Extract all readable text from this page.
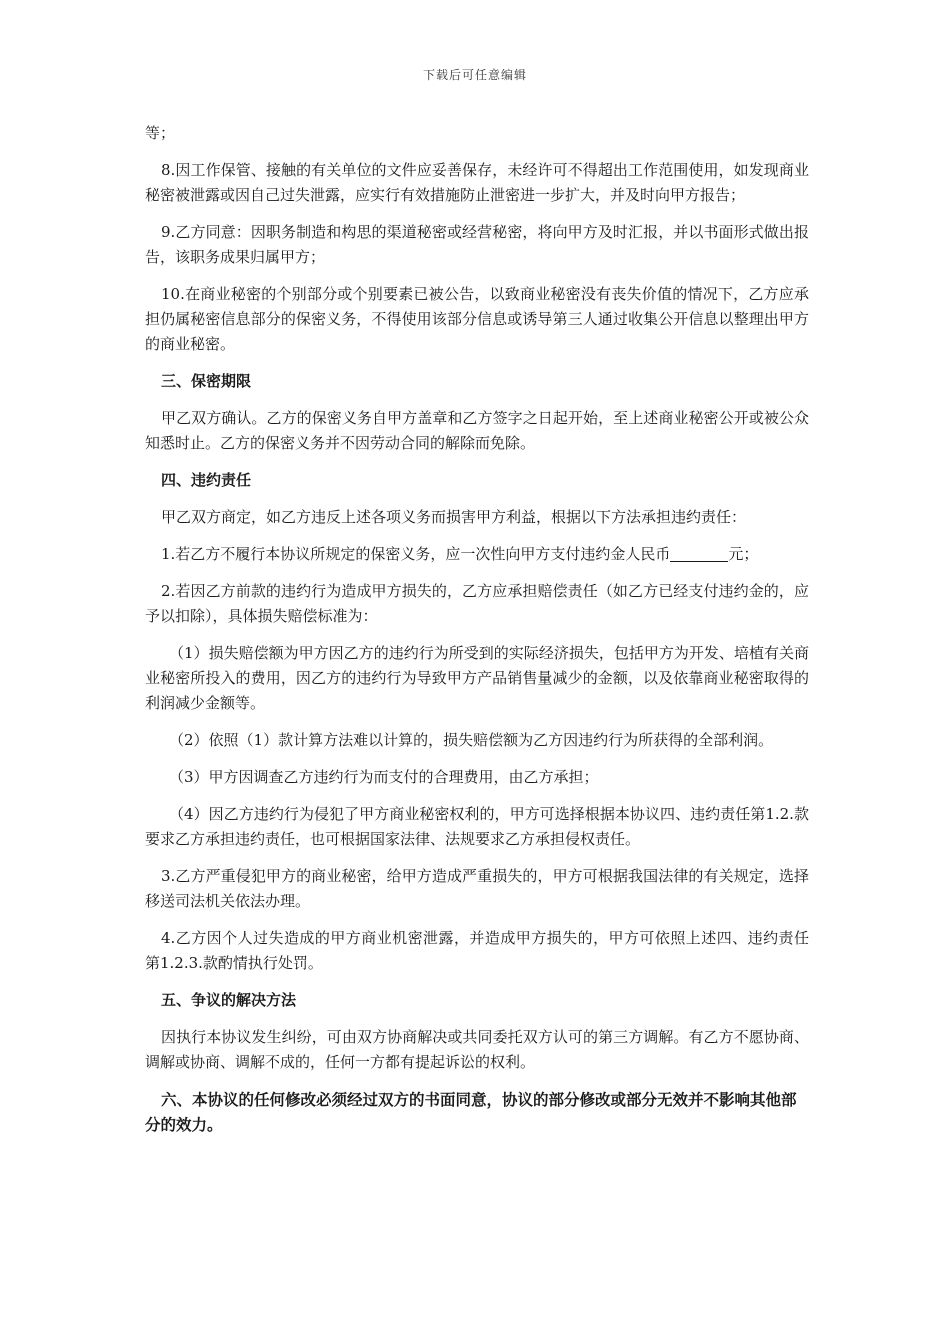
下载后可任意编辑

等；

8.因工作保管、接触的有关单位的文件应妥善保存，未经许可不得超出工作范围使用，如发现商业秘密被泄露或因自己过失泄露，应实行有效措施防止泄密进一步扩大，并及时向甲方报告；

9.乙方同意：因职务制造和构思的渠道秘密或经营秘密，将向甲方及时汇报，并以书面形式做出报告，该职务成果归属甲方；

10.在商业秘密的个别部分或个别要素已被公告，以致商业秘密没有丧失价值的情况下，乙方应承担仍属秘密信息部分的保密义务，不得使用该部分信息或诱导第三人通过收集公开信息以整理出甲方的商业秘密。

三、保密期限

甲乙双方确认。乙方的保密义务自甲方盖章和乙方签字之日起开始，至上述商业秘密公开或被公众知悉时止。乙方的保密义务并不因劳动合同的解除而免除。

四、违约责任

甲乙双方商定，如乙方违反上述各项义务而损害甲方利益，根据以下方法承担违约责任：

1.若乙方不履行本协议所规定的保密义务，应一次性向甲方支付违约金人民币	元；

2.若因乙方前款的违约行为造成甲方损失的，乙方应承担赔偿责任（如乙方已经支付违约金的，应予以扣除），具体损失赔偿标准为：

（1）损失赔偿额为甲方因乙方的违约行为所受到的实际经济损失，包括甲方为开发、培植有关商业秘密所投入的费用，因乙方的违约行为导致甲方产品销售量减少的金额，以及依靠商业秘密取得的利润减少金额等。

（2）依照（1）款计算方法难以计算的，损失赔偿额为乙方因违约行为所获得的全部利润。

（3）甲方因调查乙方违约行为而支付的合理费用，由乙方承担；

（4）因乙方违约行为侵犯了甲方商业秘密权利的，甲方可选择根据本协议四、违约责任第1.2.款要求乙方承担违约责任，也可根据国家法律、法规要求乙方承担侵权责任。

3.乙方严重侵犯甲方的商业秘密，给甲方造成严重损失的，甲方可根据我国法律的有关规定，选择移送司法机关依法办理。

4.乙方因个人过失造成的甲方商业机密泄露，并造成甲方损失的，甲方可依照上述四、违约责任 第1.2.3.款酌情执行处罚。

五、争议的解决方法

因执行本协议发生纠纷，可由双方协商解决或共同委托双方认可的第三方调解。有乙方不愿协商、调解或协商、调解不成的，任何一方都有提起诉讼的权利。

六、本协议的任何修改必须经过双方的书面同意，协议的部分修改或部分无效并不影响其他部分的效力。
